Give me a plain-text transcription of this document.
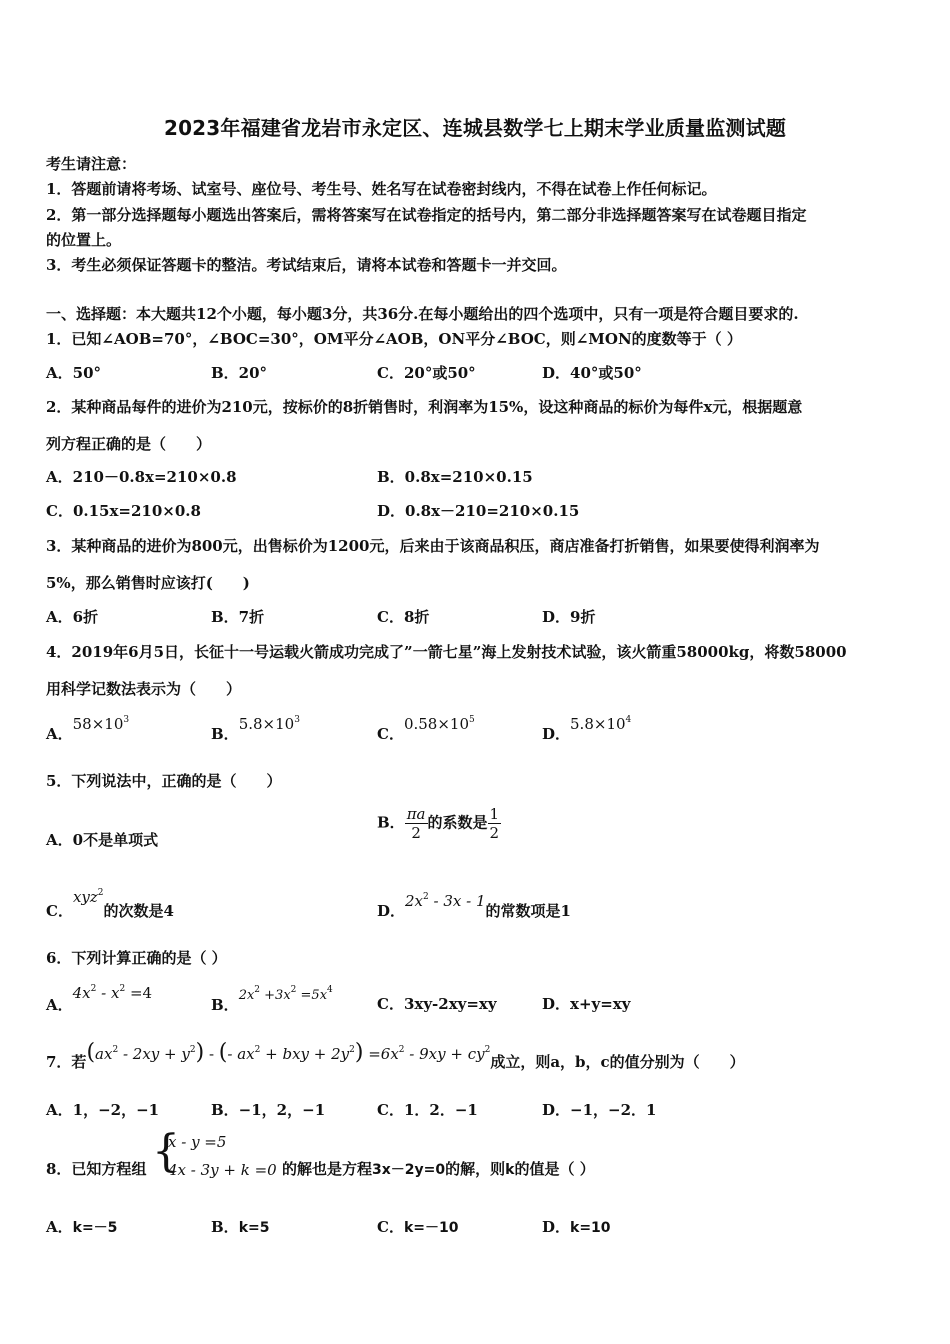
2023年福建省龙岩市永定区、连城县数学七上期末学业质量监测试题
考生请注意：
1．答题前请将考场、试室号、座位号、考生号、姓名写在试卷密封线内，不得在试卷上作任何标记。
2．第一部分选择题每小题选出答案后，需将答案写在试卷指定的括号内，第二部分非选择题答案写在试卷题目指定
的位置上。
3．考生必须保证答题卡的整洁。考试结束后，请将本试卷和答题卡一并交回。
一、选择题：本大题共12个小题，每小题3分，共36分.在每小题给出的四个选项中，只有一项是符合题目要求的.
1．已知∠AOB=70°，∠BOC=30°，OM平分∠AOB，ON平分∠BOC，则∠MON的度数等于（ ）
A．50°	B．20°	C．20°或50°	D．40°或50°
2．某种商品每件的进价为210元，按标价的8折销售时，利润率为15%，设这种商品的标价为每件x元，根据题意
列方程正确的是（　　）
A．210－0.8x=210×0.8	B．0.8x=210×0.15
C．0.15x=210×0.8	D．0.8x－210=210×0.15
3．某种商品的进价为800元，出售标价为1200元，后来由于该商品积压，商店准备打折销售，如果要使得利润率为
5%，那么销售时应该打(　　)
A．6折	B．7折	C．8折	D．9折
4．2019年6月5日，长征十一号运载火箭成功完成了”一箭七星”海上发射技术试验，该火箭重58000kg，将数58000
用科学记数法表示为（　　）
A．$58\times 10^3$
B．$5.8\times 10^3$
C．$0.58\times 10^5$
D．$5.8\times 10^4$
5．下列说法中，正确的是（　　）
A．0不是单项式
B． $\frac{\pi a}{2}$ 的系数是 $\frac{1}{2}$
C．xyz$^2$的次数是4	D．$2x^2 - 3x - 1$的常数项是1
6．下列计算正确的是（ ）
A．$4x^2 - x^2 =4$
B．$2x^2 +3x^2 =5x^4$
C．3xy-2xy=xy	D．x+y=xy
7．若$(ax^2 - 2xy + y^2)$ - (- $ax^2$ + bxy + $2y^2) =6x^2 - 9xy + cy^2$成立，则a，b，c的值分别为（　　）
A．1，−2，−1	B．−1，2，−1	C．1．2．−1	D．−1，−2．1
8．已知方程组 {
x - y =5
4x - 3y + k =0 的解也是方程3x－2y=0的解，则k的值是（ ）
A．k=－5	B．k=5	C．k=－10	D．k=10
